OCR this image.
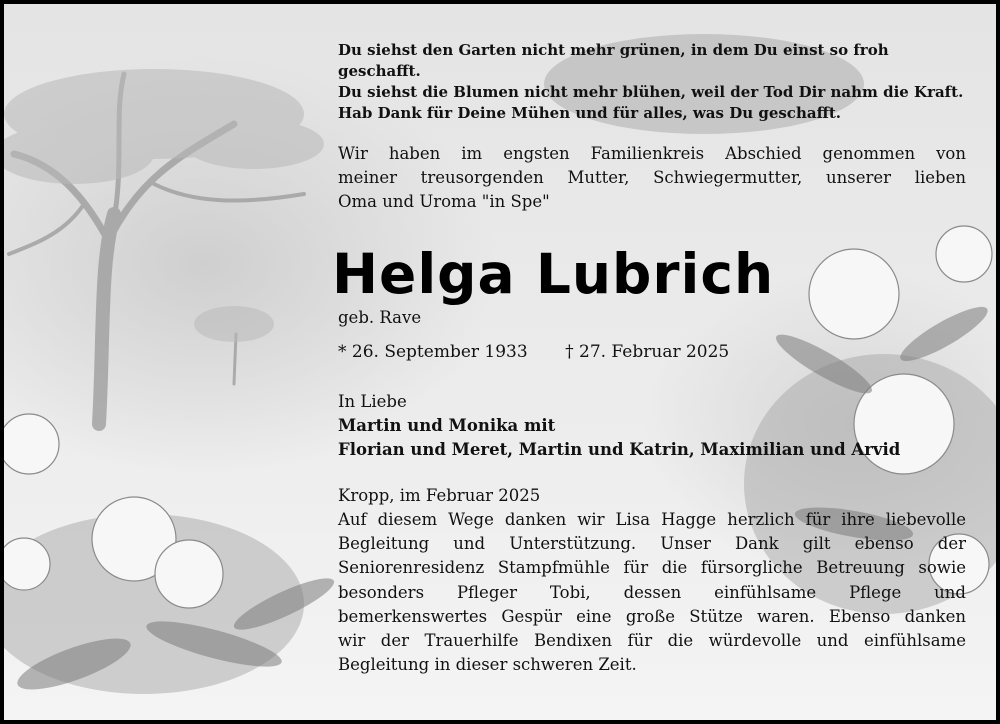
Du siehst den Garten nicht mehr grünen, in dem Du einst so froh geschafft.
Du siehst die Blumen nicht mehr blühen, weil der Tod Dir nahm die Kraft.
Hab Dank für Deine Mühen und für alles, was Du geschafft.
Wir haben im engsten Familienkreis Abschied genommen von
meiner treusorgenden Mutter, Schwiegermutter, unserer lieben
Oma und Uroma "in Spe"
Helga Lubrich
geb. Rave
* 26. September 1933 † 27. Februar 2025
In Liebe
Martin und Monika mit
Florian und Meret, Martin und Katrin, Maximilian und Arvid
Kropp, im Februar 2025
Auf diesem Wege danken wir Lisa Hagge herzlich für ihre liebevolle
Begleitung und Unterstützung. Unser Dank gilt ebenso der
Seniorenresidenz Stampfmühle für die fürsorgliche Betreuung sowie
besonders Pfleger Tobi, dessen einfühlsame Pflege und
bemerkenswertes Gespür eine große Stütze waren. Ebenso danken
wir der Trauerhilfe Bendixen für die würdevolle und einfühlsame
Begleitung in dieser schweren Zeit.
